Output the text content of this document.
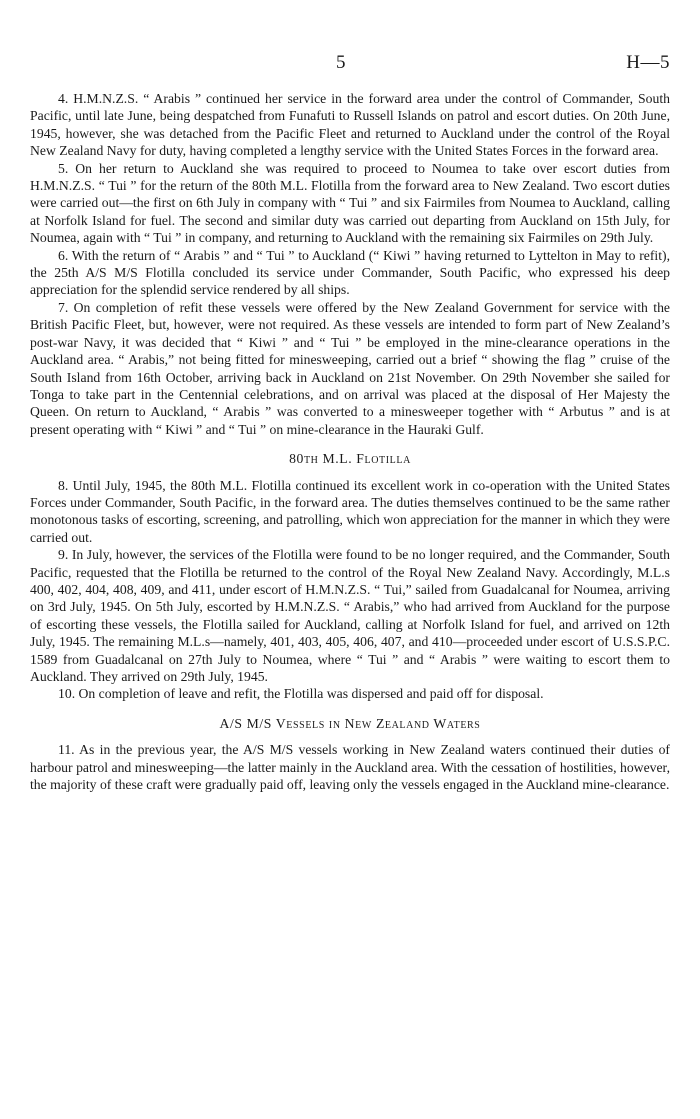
5	H—5

4. H.M.N.Z.S. “ Arabis ” continued her service in the forward area under the control of Commander, South Pacific, until late June, being despatched from Funafuti to Russell Islands on patrol and escort duties. On 20th June, 1945, however, she was detached from the Pacific Fleet and returned to Auckland under the control of the Royal New Zealand Navy for duty, having completed a lengthy service with the United States Forces in the forward area.

5. On her return to Auckland she was required to proceed to Noumea to take over escort duties from H.M.N.Z.S. “ Tui ” for the return of the 80th M.L. Flotilla from the forward area to New Zealand. Two escort duties were carried out—the first on 6th July in company with “ Tui ” and six Fairmiles from Noumea to Auckland, calling at Norfolk Island for fuel. The second and similar duty was carried out departing from Auckland on 15th July, for Noumea, again with “ Tui ” in company, and returning to Auckland with the remaining six Fairmiles on 29th July.

6. With the return of “ Arabis ” and “ Tui ” to Auckland (“ Kiwi ” having returned to Lyttelton in May to refit), the 25th A/S M/S Flotilla concluded its service under Commander, South Pacific, who expressed his deep appreciation for the splendid service rendered by all ships.

7. On completion of refit these vessels were offered by the New Zealand Government for service with the British Pacific Fleet, but, however, were not required. As these vessels are intended to form part of New Zealand’s post-war Navy, it was decided that “ Kiwi ” and “ Tui ” be employed in the mine-clearance operations in the Auckland area. “ Arabis,” not being fitted for minesweeping, carried out a brief “ showing the flag ” cruise of the South Island from 16th October, arriving back in Auckland on 21st November. On 29th November she sailed for Tonga to take part in the Centennial celebrations, and on arrival was placed at the disposal of Her Majesty the Queen. On return to Auckland, “ Arabis ” was converted to a minesweeper together with “ Arbutus ” and is at present operating with “ Kiwi ” and “ Tui ” on mine-clearance in the Hauraki Gulf.

80th M.L. Flotilla

8. Until July, 1945, the 80th M.L. Flotilla continued its excellent work in co-operation with the United States Forces under Commander, South Pacific, in the forward area. The duties themselves continued to be the same rather monotonous tasks of escorting, screening, and patrolling, which won appreciation for the manner in which they were carried out.

9. In July, however, the services of the Flotilla were found to be no longer required, and the Commander, South Pacific, requested that the Flotilla be returned to the control of the Royal New Zealand Navy. Accordingly, M.L.s 400, 402, 404, 408, 409, and 411, under escort of H.M.N.Z.S. “ Tui,” sailed from Guadalcanal for Noumea, arriving on 3rd July, 1945. On 5th July, escorted by H.M.N.Z.S. “ Arabis,” who had arrived from Auckland for the purpose of escorting these vessels, the Flotilla sailed for Auckland, calling at Norfolk Island for fuel, and arrived on 12th July, 1945. The remaining M.L.s—namely, 401, 403, 405, 406, 407, and 410—proceeded under escort of U.S.S.P.C. 1589 from Guadalcanal on 27th July to Noumea, where “ Tui ” and “ Arabis ” were waiting to escort them to Auckland. They arrived on 29th July, 1945.

10. On completion of leave and refit, the Flotilla was dispersed and paid off for disposal.

A/S M/S Vessels in New Zealand Waters

11. As in the previous year, the A/S M/S vessels working in New Zealand waters continued their duties of harbour patrol and minesweeping—the latter mainly in the Auckland area. With the cessation of hostilities, however, the majority of these craft were gradually paid off, leaving only the vessels engaged in the Auckland mine-clearance.
